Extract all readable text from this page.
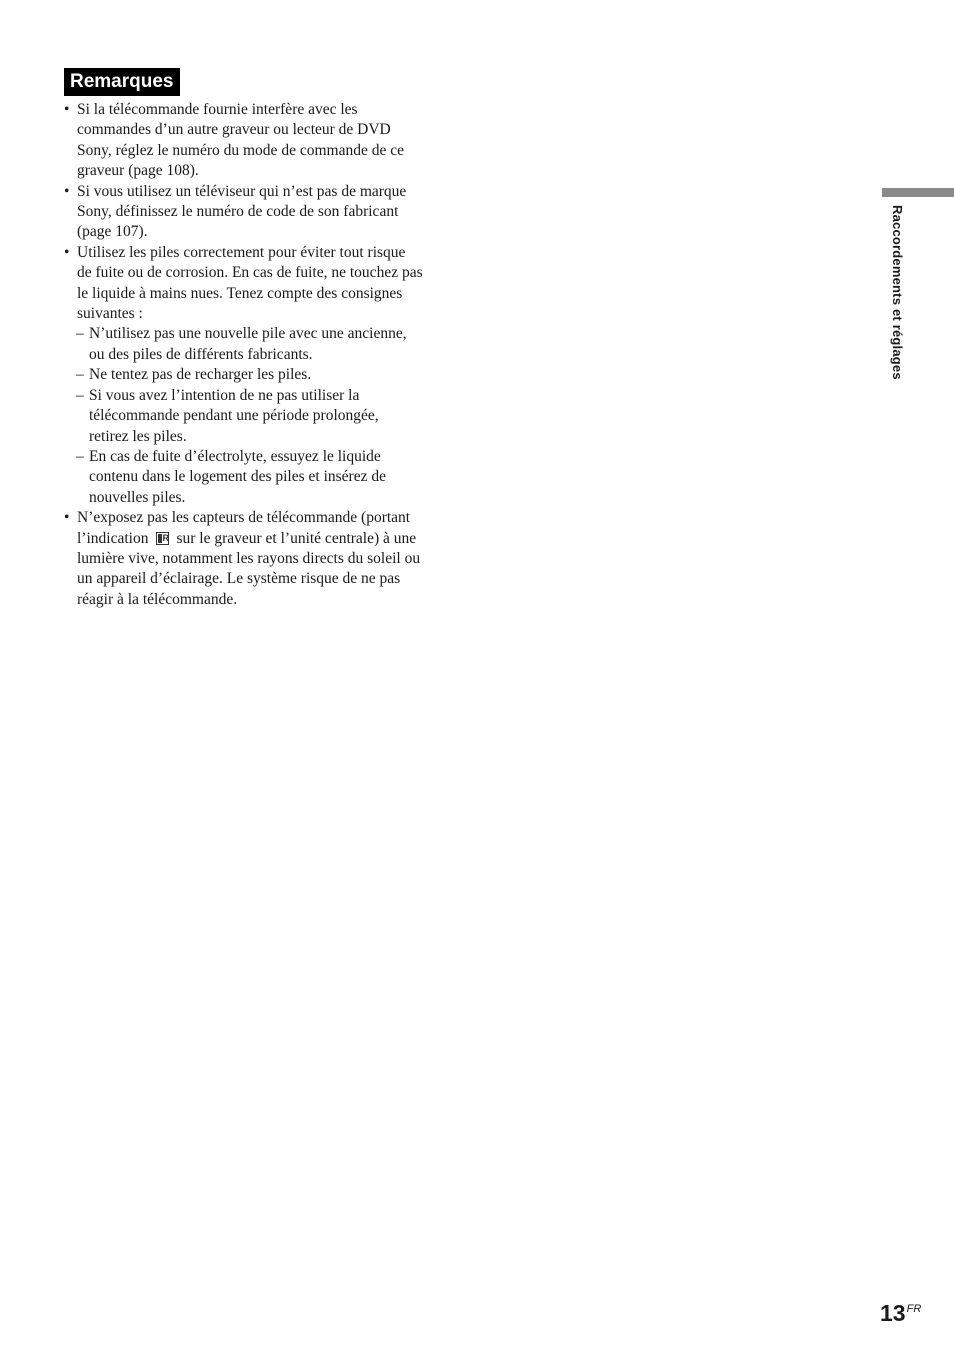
Remarques
• Si la télécommande fournie interfère avec les
commandes d’un autre graveur ou lecteur de DVD
Sony, réglez le numéro du mode de commande de ce
graveur (page 108).
• Si vous utilisez un téléviseur qui n’est pas de marque
Sony, définissez le numéro de code de son fabricant
(page 107).
• Utilisez les piles correctement pour éviter tout risque
de fuite ou de corrosion. En cas de fuite, ne touchez pas
le liquide à mains nues. Tenez compte des consignes
suivantes :
– N’utilisez pas une nouvelle pile avec une ancienne,
ou des piles de différents fabricants.
– Ne tentez pas de recharger les piles.
– Si vous avez l’intention de ne pas utiliser la
télécommande pendant une période prolongée,
retirez les piles.
– En cas de fuite d’électrolyte, essuyez le liquide
contenu dans le logement des piles et insérez de
nouvelles piles.
• N’exposez pas les capteurs de télécommande (portant
l’indicationR sur le graveur et l’unité centrale) à une
lumière vive, notamment les rayons directs du soleil ou
un appareil d’éclairage. Le système risque de ne pas
réagir à la télécommande.
Raccordements et réglages
$13^{FR}$
